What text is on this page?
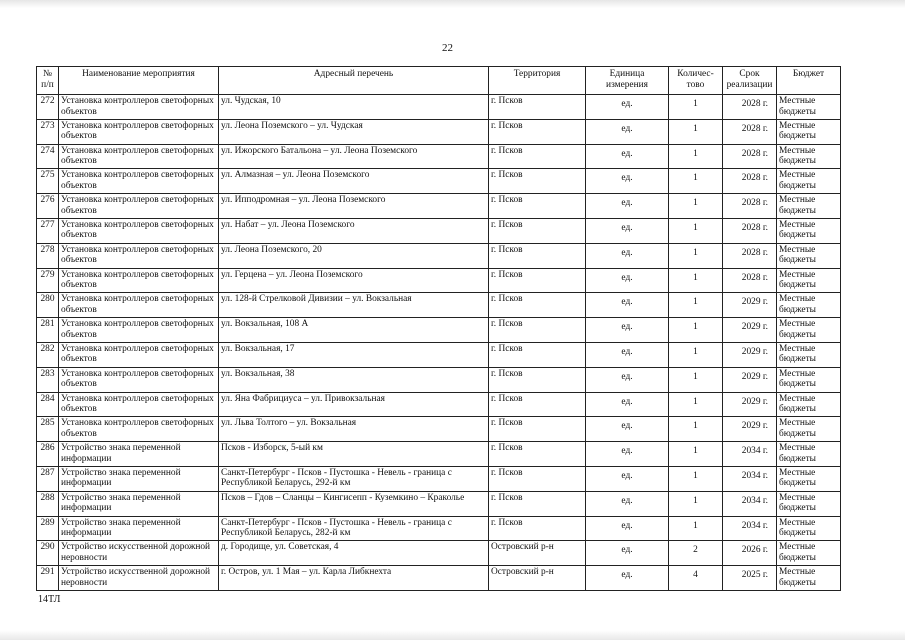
22
№ п/п	Наименование мероприятия	Адресный перечень	Территория	Единица измерения	Количес-тово	Срок реализации	Бюджет
272	Установка контроллеров светофорных объектов	ул. Чудская, 10	г. Псков	ед.	1	2028 г.	Местные бюджеты
273	Установка контроллеров светофорных объектов	ул. Леона Поземского – ул. Чудская	г. Псков	ед.	1	2028 г.	Местные бюджеты
274	Установка контроллеров светофорных объектов	ул. Ижорского Батальона – ул. Леона Поземского	г. Псков	ед.	1	2028 г.	Местные бюджеты
275	Установка контроллеров светофорных объектов	ул. Алмазная – ул. Леона Поземского	г. Псков	ед.	1	2028 г.	Местные бюджеты
276	Установка контроллеров светофорных объектов	ул. Ипподромная – ул. Леона Поземского	г. Псков	ед.	1	2028 г.	Местные бюджеты
277	Установка контроллеров светофорных объектов	ул. Набат – ул. Леона Поземского	г. Псков	ед.	1	2028 г.	Местные бюджеты
278	Установка контроллеров светофорных объектов	ул. Леона Поземского, 20	г. Псков	ед.	1	2028 г.	Местные бюджеты
279	Установка контроллеров светофорных объектов	ул. Герцена – ул. Леона Поземского	г. Псков	ед.	1	2028 г.	Местные бюджеты
280	Установка контроллеров светофорных объектов	ул. 128-й Стрелковой Дивизии – ул. Вокзальная	г. Псков	ед.	1	2029 г.	Местные бюджеты
281	Установка контроллеров светофорных объектов	ул. Вокзальная, 108 А	г. Псков	ед.	1	2029 г.	Местные бюджеты
282	Установка контроллеров светофорных объектов	ул. Вокзальная, 17	г. Псков	ед.	1	2029 г.	Местные бюджеты
283	Установка контроллеров светофорных объектов	ул. Вокзальная, 38	г. Псков	ед.	1	2029 г.	Местные бюджеты
284	Установка контроллеров светофорных объектов	ул. Яна Фабрициуса – ул. Привокзальная	г. Псков	ед.	1	2029 г.	Местные бюджеты
285	Установка контроллеров светофорных объектов	ул. Льва Толтого – ул. Вокзальная	г. Псков	ед.	1	2029 г.	Местные бюджеты
286	Устройство знака переменной информации	Псков - Изборск, 5-ый км	г. Псков	ед.	1	2034 г.	Местные бюджеты
287	Устройство знака переменной информации	Санкт-Петербург - Псков - Пустошка - Невель - граница с Республикой Беларусь, 292-й км	г. Псков	ед.	1	2034 г.	Местные бюджеты
288	Устройство знака переменной информации	Псков – Гдов – Сланцы – Кингисепп - Куземкино – Краколье	г. Псков	ед.	1	2034 г.	Местные бюджеты
289	Устройство знака переменной информации	Санкт-Петербург - Псков - Пустошка - Невель - граница с Республикой Беларусь, 282-й км	г. Псков	ед.	1	2034 г.	Местные бюджеты
290	Устройство искусственной дорожной неровности	д. Городище, ул. Советская, 4	Островский р-н	ед.	2	2026 г.	Местные бюджеты
291	Устройство искусственной дорожной неровности	г. Остров, ул. 1 Мая – ул. Карла Либкнехта	Островский р-н	ед.	4	2025 г.	Местные бюджеты
14ТЛ
